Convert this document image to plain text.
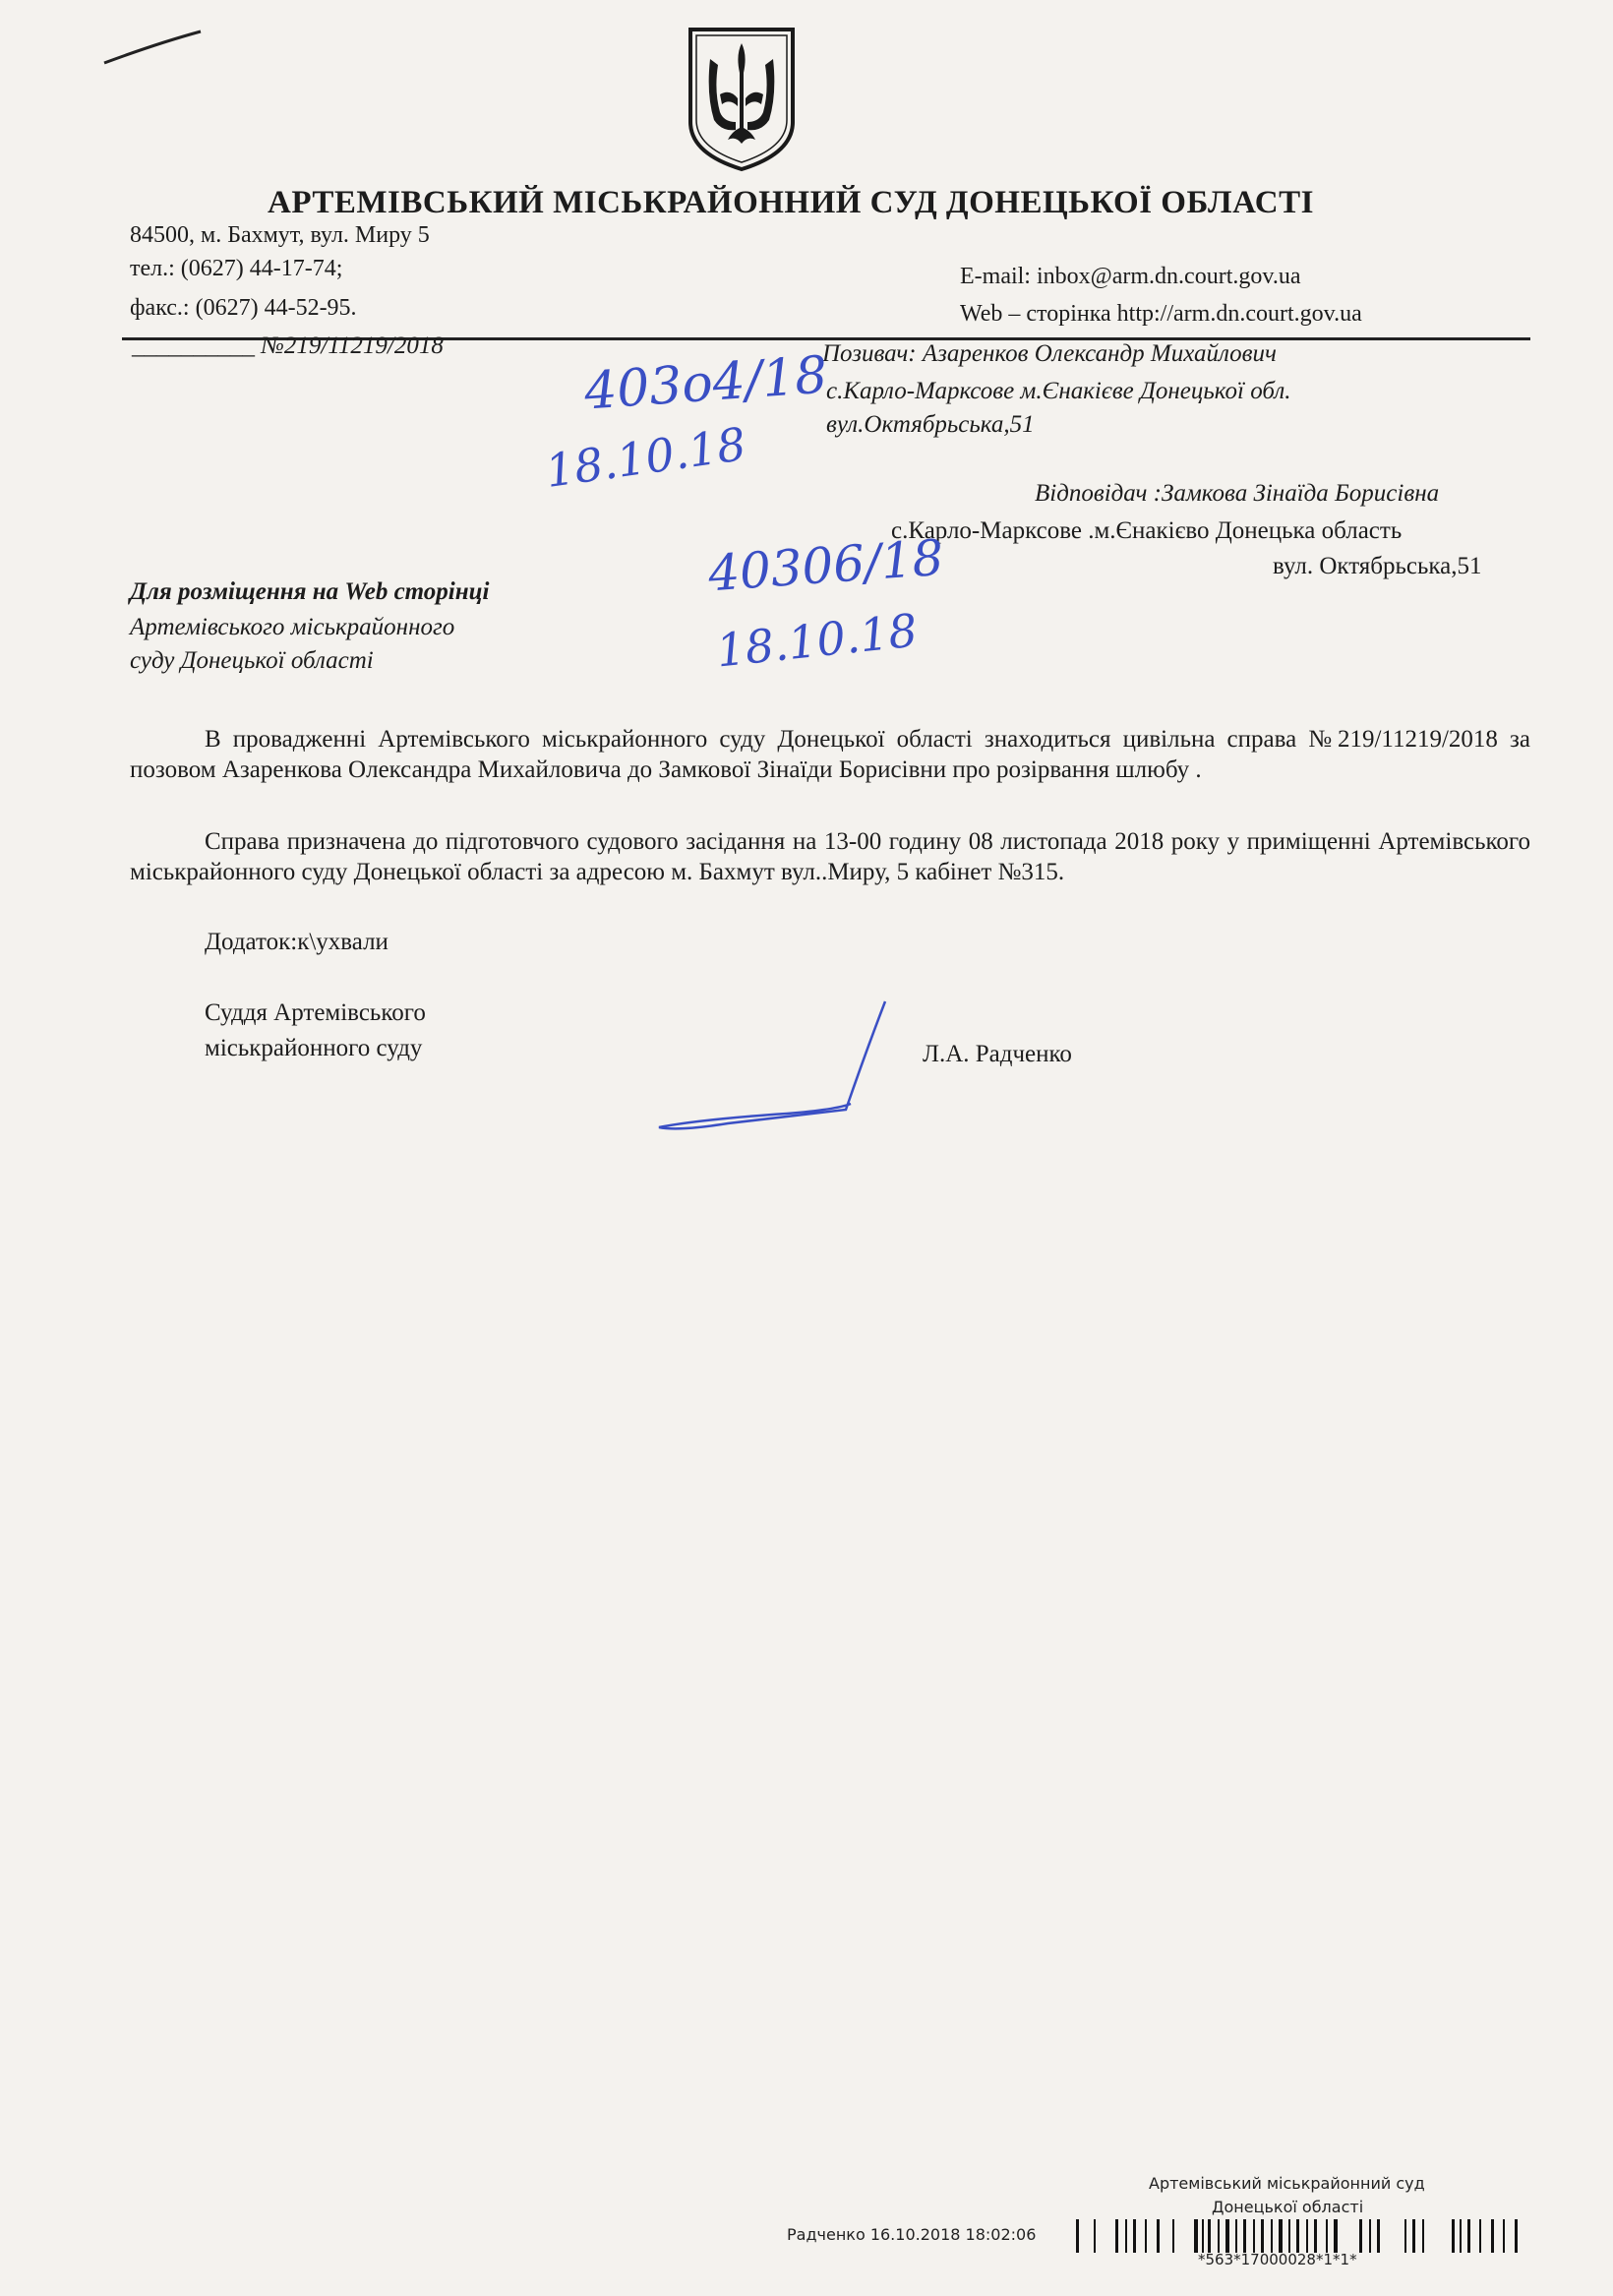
АРТЕМІВСЬКИЙ МІСЬКРАЙОННИЙ СУД ДОНЕЦЬКОЇ ОБЛАСТІ
84500, м. Бахмут, вул. Миру 5
тел.: (0627) 44-17-74;
факс.: (0627) 44-52-95.
E-mail: inbox@arm.dn.court.gov.ua
Web – сторінка http://arm.dn.court.gov.ua
__________ №219/11219/2018	Позивач: Азаренков Олександр Михайлович
с.Карло-Марксове м.Єнакієве Донецької обл.
вул.Октябрьська,51
403о4/18
18.10.18	Відповідач :Замкова Зінаїда Борисівна
с.Карло-Марксове .м.Єнакієво Донецька область
вул. Октябрьська,51
40306/18
18.10.18
Для розміщення на Web сторінці
Артемівського міськрайонного
суду Донецької області
В провадженні Артемівського міськрайонного суду Донецької області знаходиться цивільна справа №219/11219/2018 за позовом Азаренкова Олександра Михайловича до Замкової Зінаїди Борисівни про розірвання шлюбу .
Справа призначена до підготовчого судового засідання на 13-00 годину 08 листопада 2018 року у приміщенні Артемівського міськрайонного суду Донецької області за адресою м. Бахмут вул..Миру, 5 кабінет №315.
Додаток:к\ухвали
Суддя Артемівського
міськрайонного суду	Л.А. Радченко
Артемівський міськрайонний суд
Донецької області
Радченко 16.10.2018 18:02:06
*563*17000028*1*1*
